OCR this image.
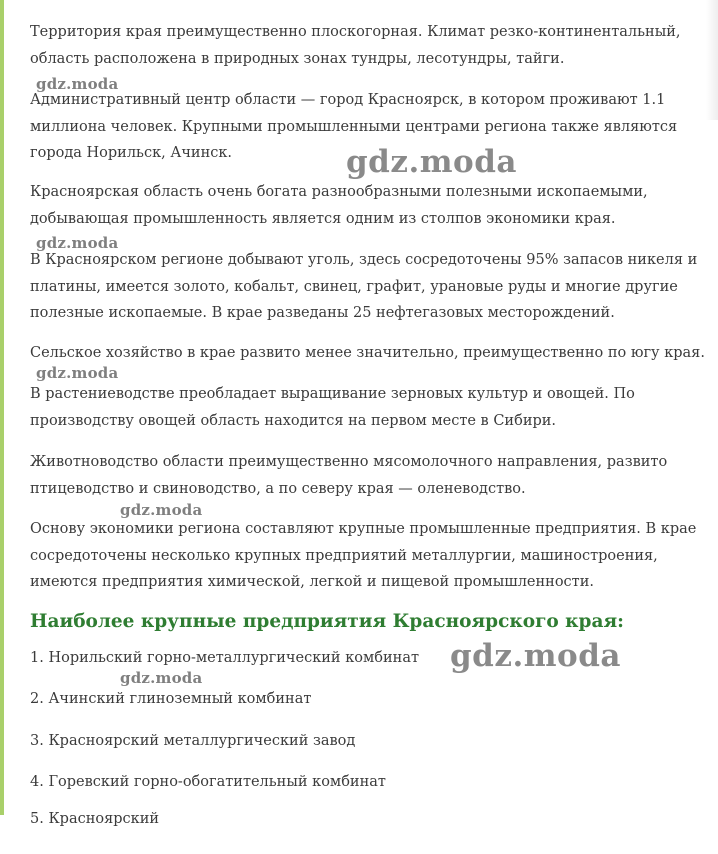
Территория края преимущественно плоскогорная. Климат резко-континентальный,
область расположена в природных зонах тундры, лесотундры, тайги.

Административный центр области — город Красноярск, в котором проживают 1.1
миллиона человек. Крупными промышленными центрами региона также являются
города Норильск, Ачинск.

Красноярская область очень богата разнообразными полезными ископаемыми,
добывающая промышленность является одним из столпов экономики края.

В Красноярском регионе добывают уголь, здесь сосредоточены 95% запасов никеля и
платины, имеется золото, кобальт, свинец, графит, урановые руды и многие другие
полезные ископаемые. В крае разведаны 25 нефтегазовых месторождений.

Сельское хозяйство в крае развито менее значительно, преимущественно по югу края.

В растениеводстве преобладает выращивание зерновых культур и овощей. По
производству овощей область находится на первом месте в Сибири.

Животноводство области преимущественно мясомолочного направления, развито
птицеводство и свиноводство, а по северу края — оленеводство.

Основу экономики региона составляют крупные промышленные предприятия. В крае
сосредоточены несколько крупных предприятий металлургии, машиностроения,
имеются предприятия химической, легкой и пищевой промышленности.

Наиболее крупные предприятия Красноярского края:

1. Норильский горно-металлургический комбинат

2. Ачинский глиноземный комбинат

3. Красноярский металлургический завод

4. Горевский горно-обогатительный комбинат

5. Красноярский

gdz.moda
gdz.moda
gdz.moda
gdz.moda
gdz.moda
gdz.moda
gdz.moda
